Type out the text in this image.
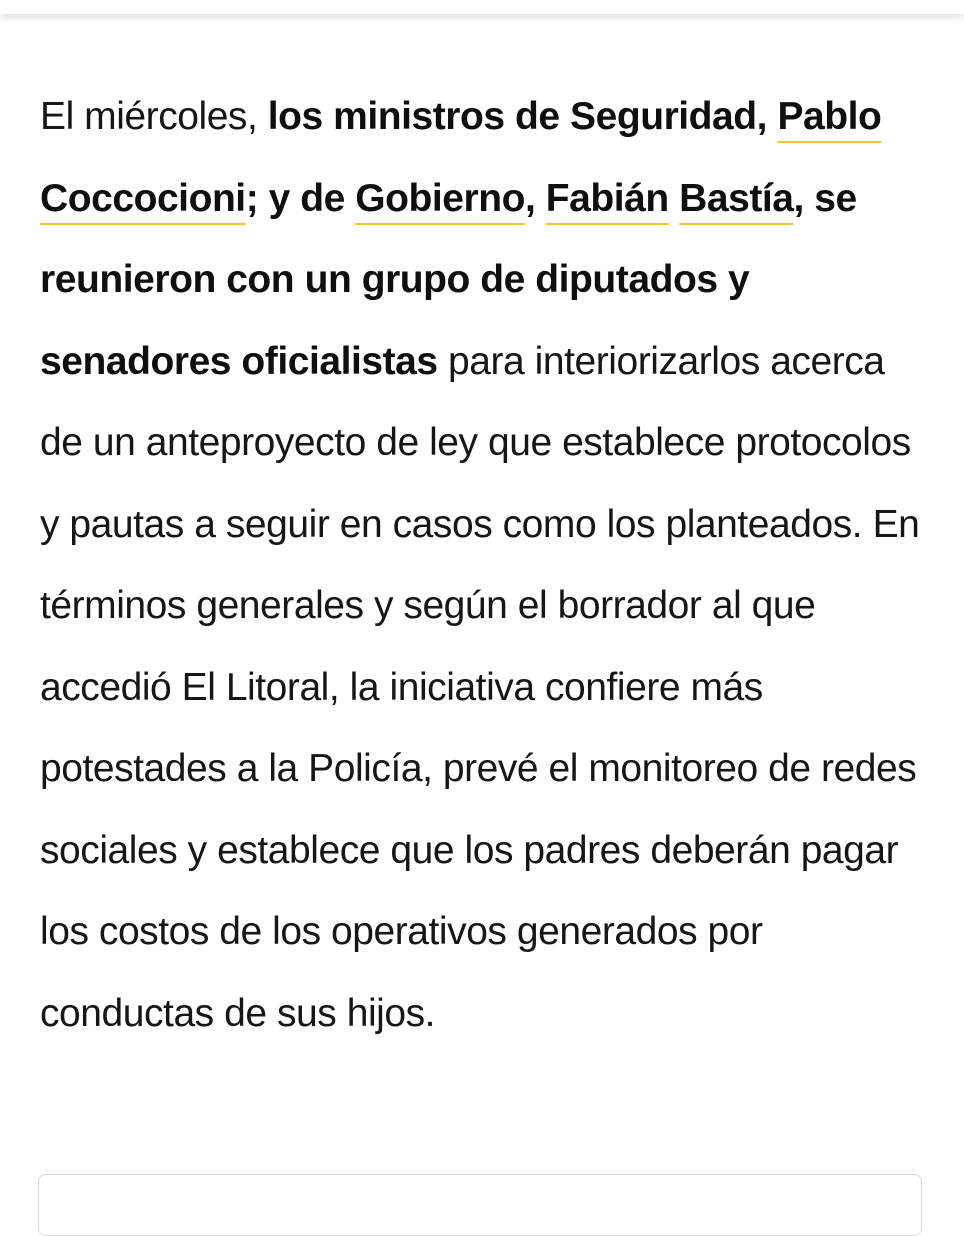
El miércoles, los ministros de Seguridad, Pablo Coccocioni; y de Gobierno, Fabián Bastía, se reunieron con un grupo de diputados y senadores oficialistas para interiorizarlos acerca de un anteproyecto de ley que establece protocolos y pautas a seguir en casos como los planteados. En términos generales y según el borrador al que accedió El Litoral, la iniciativa confiere más potestades a la Policía, prevé el monitoreo de redes sociales y establece que los padres deberán pagar los costos de los operativos generados por conductas de sus hijos.
